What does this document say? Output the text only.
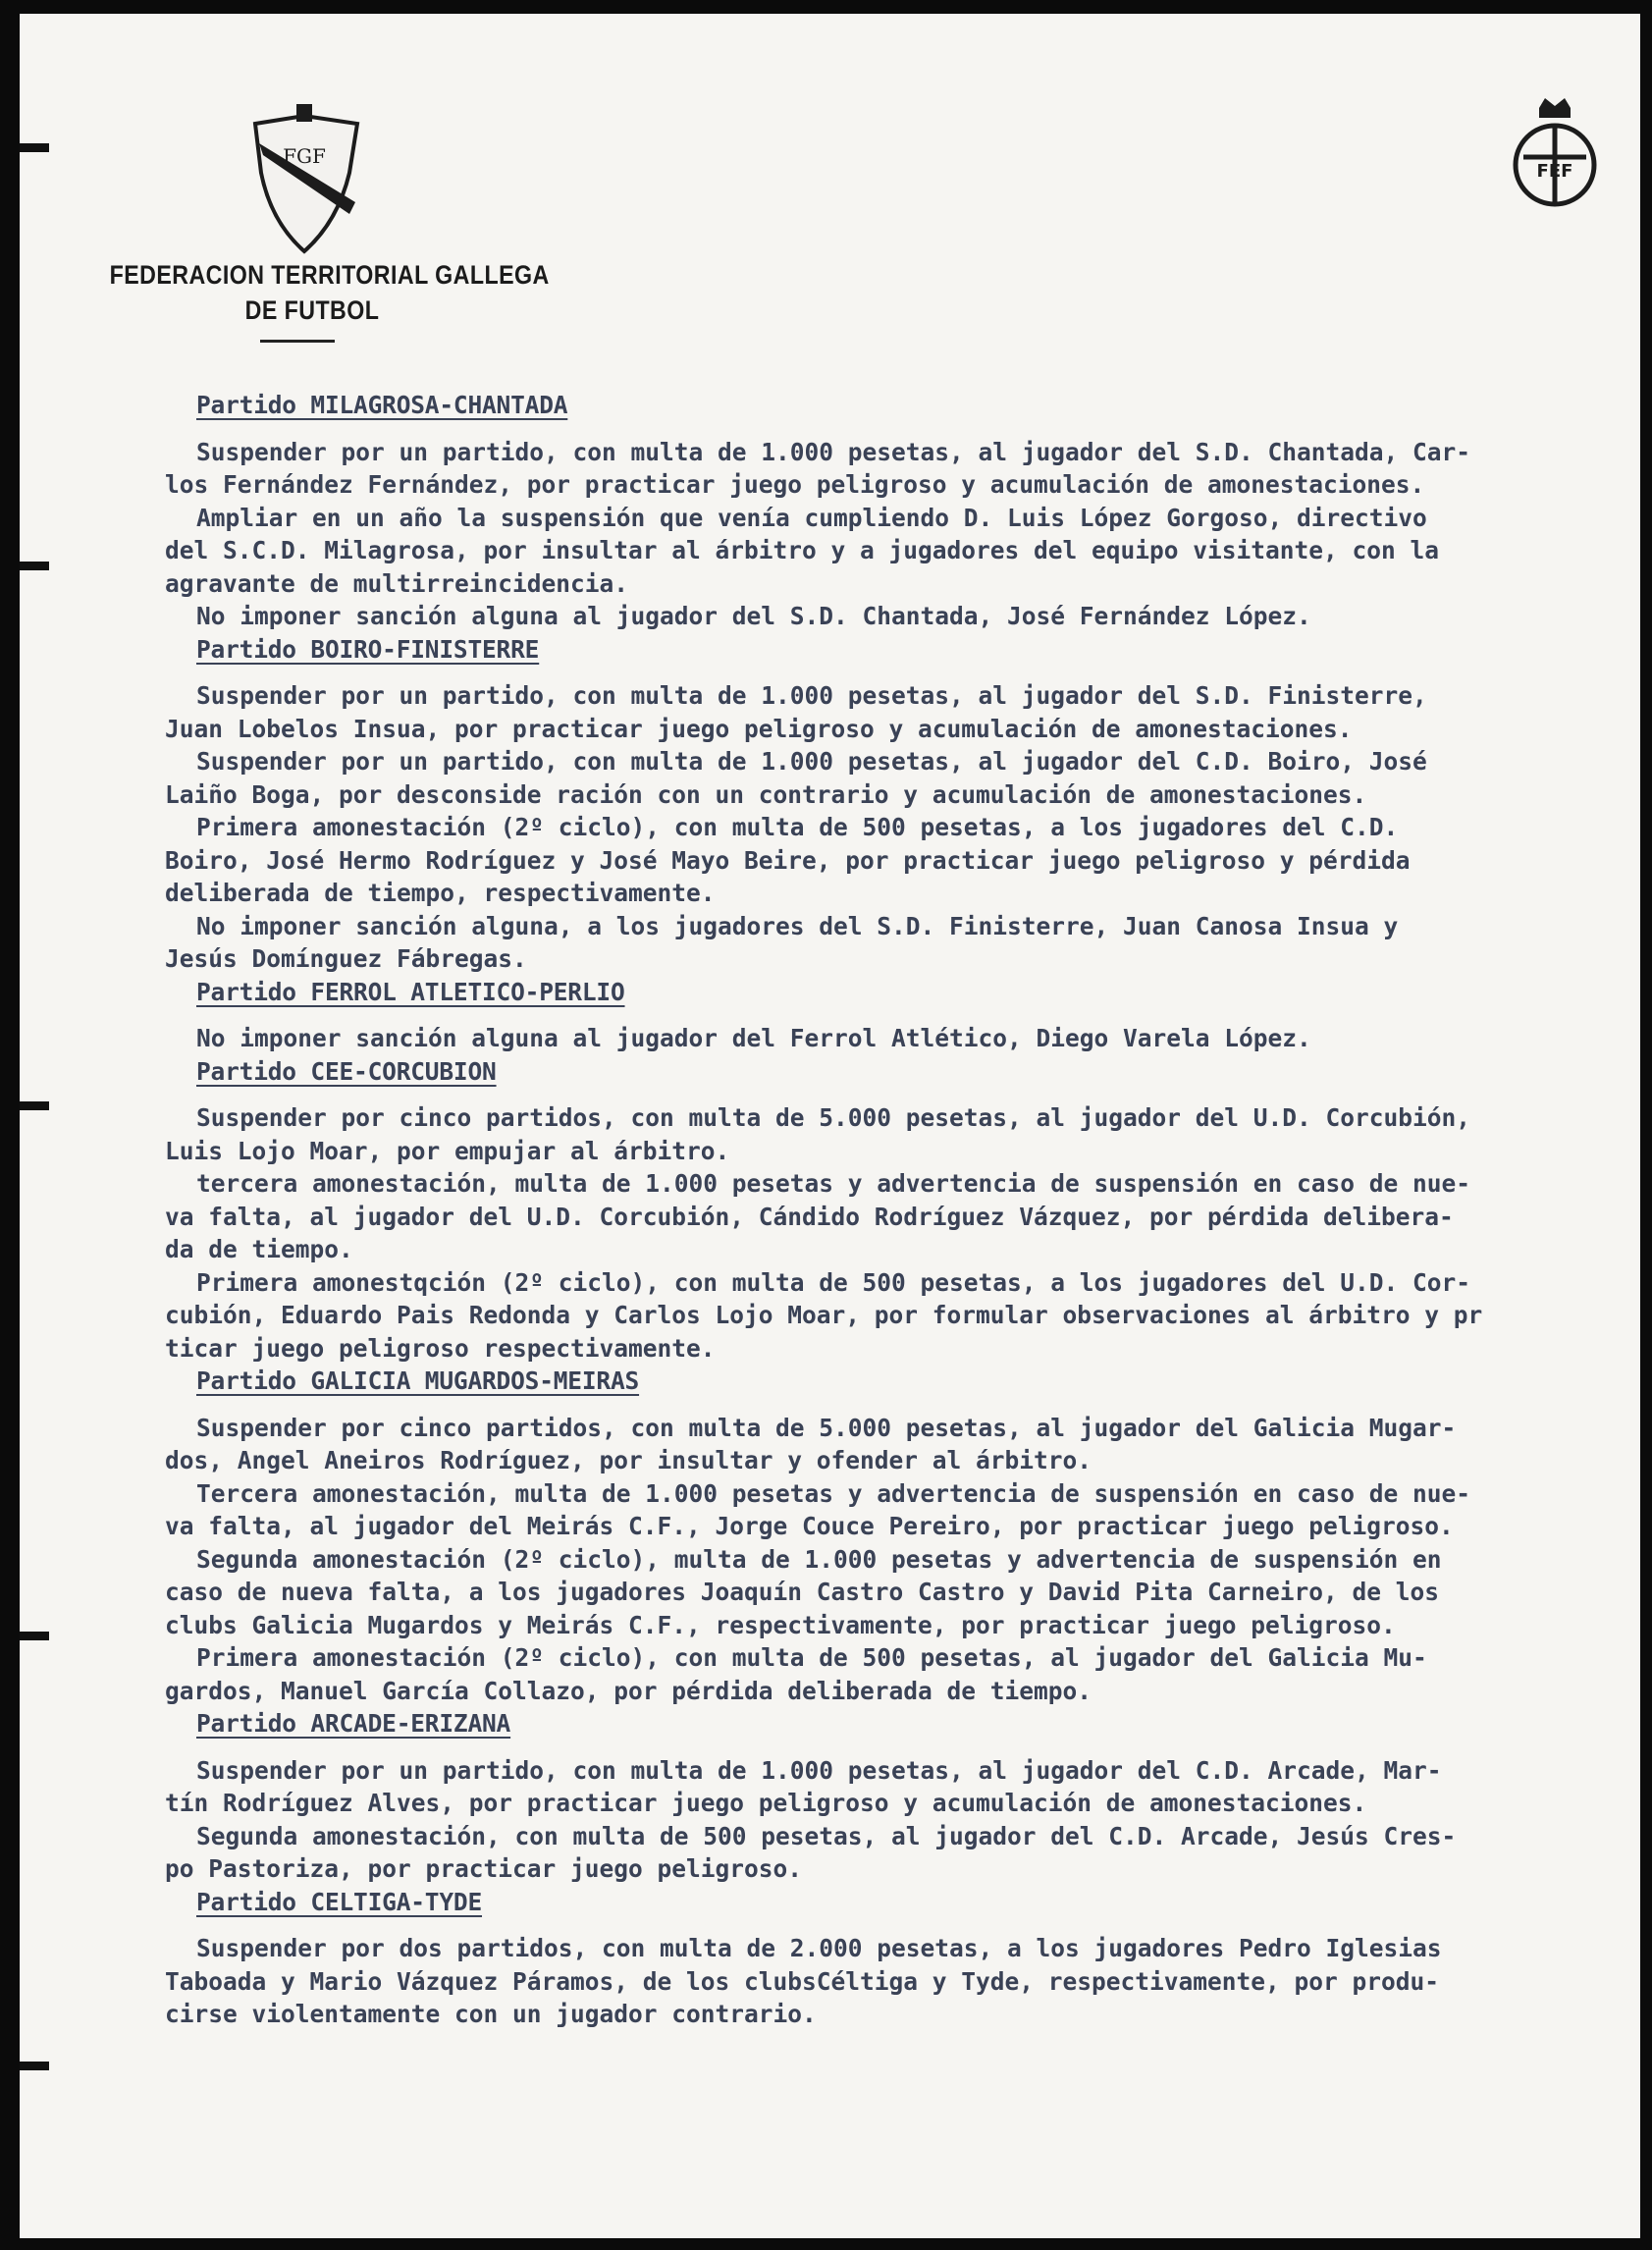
FGF
FEF
FEDERACION TERRITORIAL GALLEGA
DE FUTBOL
Partido MILAGROSA-CHANTADA
Suspender por un partido, con multa de 1.000 pesetas, al jugador del S.D. Chantada, Car-
los Fernández Fernández, por practicar juego peligroso y acumulación de amonestaciones.
Ampliar en un año la suspensión que venía cumpliendo D. Luis López Gorgoso, directivo
del S.C.D. Milagrosa, por insultar al árbitro y a jugadores del equipo visitante, con la
agravante de multirreincidencia.
No imponer sanción alguna al jugador del S.D. Chantada, José Fernández López.
Partido BOIRO-FINISTERRE
Suspender por un partido, con multa de 1.000 pesetas, al jugador del S.D. Finisterre,
Juan Lobelos Insua, por practicar juego peligroso y acumulación de amonestaciones.
Suspender por un partido, con multa de 1.000 pesetas, al jugador del C.D. Boiro, José
Laiño Boga, por desconside ración con un contrario y acumulación de amonestaciones.
Primera amonestación (2º ciclo), con multa de 500 pesetas, a los jugadores del C.D.
Boiro, José Hermo Rodríguez y José Mayo Beire, por practicar juego peligroso y pérdida
deliberada de tiempo, respectivamente.
No imponer sanción alguna, a los jugadores del S.D. Finisterre, Juan Canosa Insua y
Jesús Domínguez Fábregas.
Partido FERROL ATLETICO-PERLIO
No imponer sanción alguna al jugador del Ferrol Atlético, Diego Varela López.
Partido CEE-CORCUBION
Suspender por cinco partidos, con multa de 5.000 pesetas, al jugador del U.D. Corcubión,
Luis Lojo Moar, por empujar al árbitro.
tercera amonestación, multa de 1.000 pesetas y advertencia de suspensión en caso de nue-
va falta, al jugador del U.D. Corcubión, Cándido Rodríguez Vázquez, por pérdida delibera-
da de tiempo.
Primera amonestqción (2º ciclo), con multa de 500 pesetas, a los jugadores del U.D. Cor-
cubión, Eduardo Pais Redonda y Carlos Lojo Moar, por formular observaciones al árbitro y pr
ticar juego peligroso respectivamente.
Partido GALICIA MUGARDOS-MEIRAS
Suspender por cinco partidos, con multa de 5.000 pesetas, al jugador del Galicia Mugar-
dos, Angel Aneiros Rodríguez, por insultar y ofender al árbitro.
Tercera amonestación, multa de 1.000 pesetas y advertencia de suspensión en caso de nue-
va falta, al jugador del Meirás C.F., Jorge Couce Pereiro, por practicar juego peligroso.
Segunda amonestación (2º ciclo), multa de 1.000 pesetas y advertencia de suspensión en
caso de nueva falta, a los jugadores Joaquín Castro Castro y David Pita Carneiro, de los
clubs Galicia Mugardos y Meirás C.F., respectivamente, por practicar juego peligroso.
Primera amonestación (2º ciclo), con multa de 500 pesetas, al jugador del Galicia Mu-
gardos, Manuel García Collazo, por pérdida deliberada de tiempo.
Partido ARCADE-ERIZANA
Suspender por un partido, con multa de 1.000 pesetas, al jugador del C.D. Arcade, Mar-
tín Rodríguez Alves, por practicar juego peligroso y acumulación de amonestaciones.
Segunda amonestación, con multa de 500 pesetas, al jugador del C.D. Arcade, Jesús Cres-
po Pastoriza, por practicar juego peligroso.
Partido CELTIGA-TYDE
Suspender por dos partidos, con multa de 2.000 pesetas, a los jugadores Pedro Iglesias
Taboada y Mario Vázquez Páramos, de los clubsCéltiga y Tyde, respectivamente, por produ-
cirse violentamente con un jugador contrario.
